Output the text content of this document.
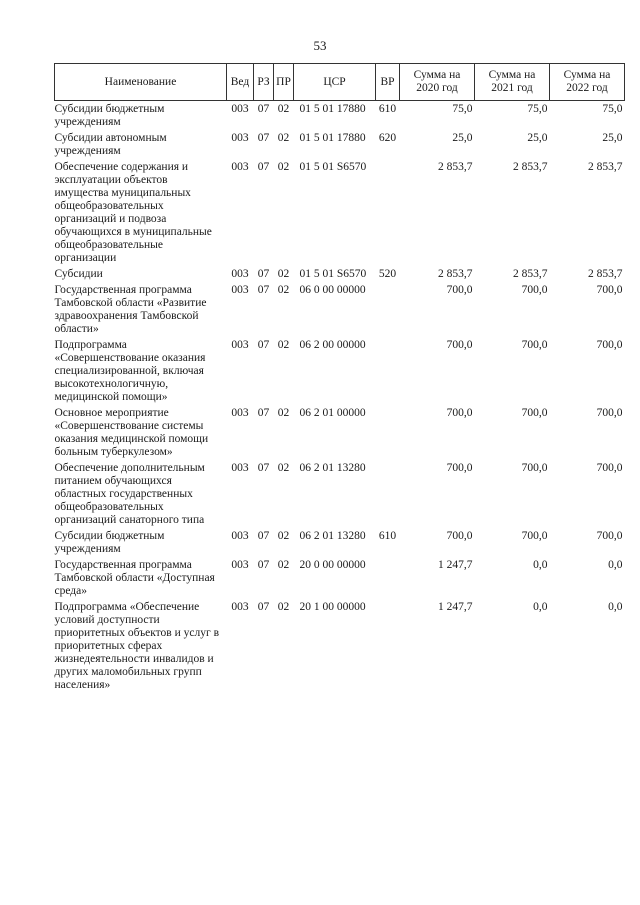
53
Наименование	Вед	РЗ	ПР	ЦСР	ВР	Сумма на 2020 год	Сумма на 2021 год	Сумма на 2022 год
Субсидии бюджетным учреждениям	003	07	02	01 5 01 17880	610	75,0	75,0	75,0
Субсидии автономным учреждениям	003	07	02	01 5 01 17880	620	25,0	25,0	25,0
Обеспечение содержания и эксплуатации объектов имущества муниципальных общеобразовательных организаций и подвоза обучающихся в муниципальные общеобразовательные организации	003	07	02	01 5 01 S6570		2 853,7	2 853,7	2 853,7
Субсидии	003	07	02	01 5 01 S6570	520	2 853,7	2 853,7	2 853,7
Государственная программа Тамбовской области «Развитие здравоохранения Тамбовской области»	003	07	02	06 0 00 00000		700,0	700,0	700,0
Подпрограмма «Совершенствование оказания специализированной, включая высокотехнологичную, медицинской помощи»	003	07	02	06 2 00 00000		700,0	700,0	700,0
Основное мероприятие «Совершенствование системы оказания медицинской помощи больным туберкулезом»	003	07	02	06 2 01 00000		700,0	700,0	700,0
Обеспечение дополнительным питанием обучающихся областных государственных общеобразовательных организаций санаторного типа	003	07	02	06 2 01 13280		700,0	700,0	700,0
Субсидии бюджетным учреждениям	003	07	02	06 2 01 13280	610	700,0	700,0	700,0
Государственная программа Тамбовской области «Доступная среда»	003	07	02	20 0 00 00000		1 247,7	0,0	0,0
Подпрограмма «Обеспечение условий доступности приоритетных объектов и услуг в приоритетных сферах жизнедеятельности инвалидов и других маломобильных групп населения»	003	07	02	20 1 00 00000		1 247,7	0,0	0,0
